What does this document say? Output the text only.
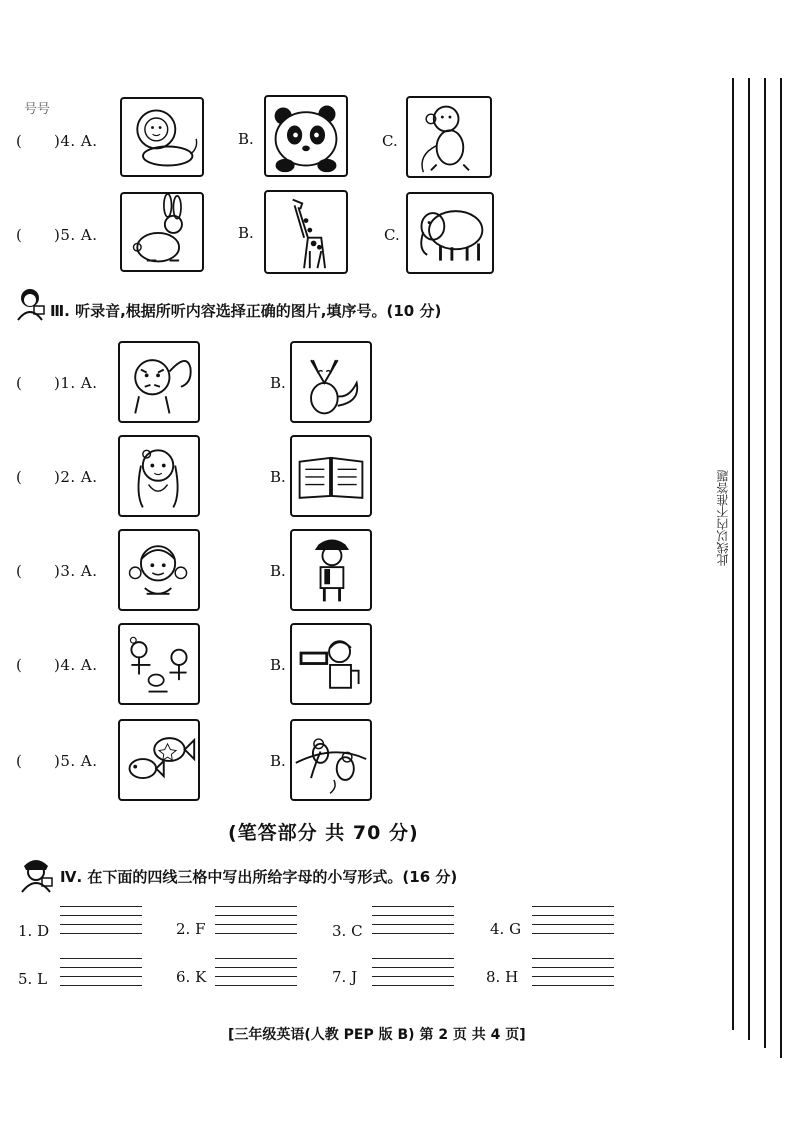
号号
(      )4. A.	B.	C.
(      )5. A.	B.	C.
Ⅲ. 听录音,根据所听内容选择正确的图片,填序号。(10 分)
(      )1. A.	B.
(      )2. A.	B.
(      )3. A.	B.
(      )4. A.	B.
(      )5. A.	B.
(笔答部分 共 70 分)
Ⅳ. 在下面的四线三格中写出所给字母的小写形式。(16 分)
1. D	2. F	3. C	4. G
5. L	6. K	7. J	8. H
[三年级英语(人教 PEP 版 B) 第 2 页 共 4 页]
此线以内不准答题
